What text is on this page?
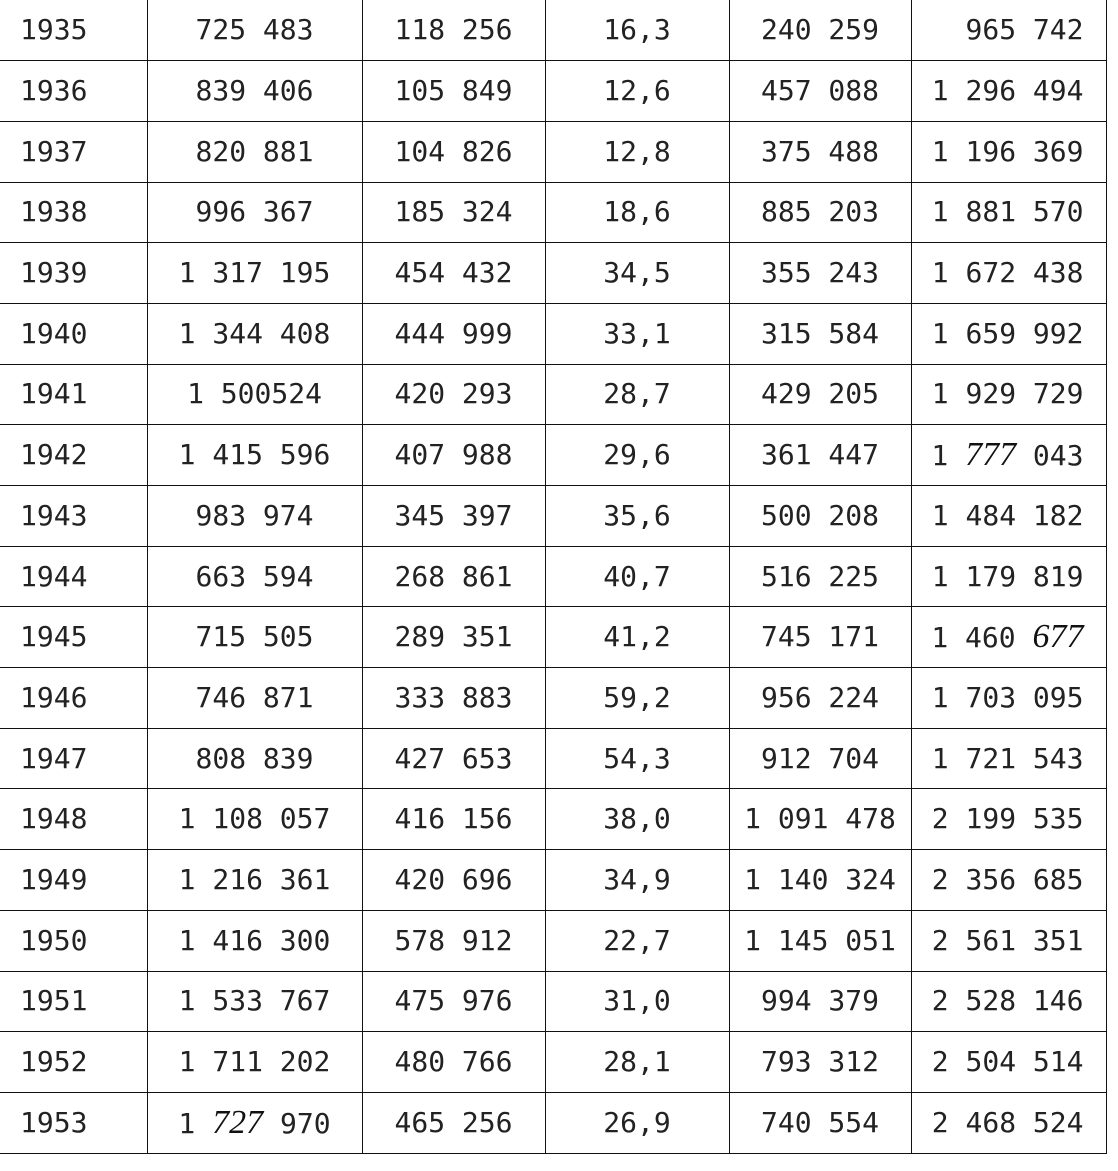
1935	725 483	118 256	16,3	240 259	965 742
1936	839 406	105 849	12,6	457 088	1 296 494
1937	820 881	104 826	12,8	375 488	1 196 369
1938	996 367	185 324	18,6	885 203	1 881 570
1939	1 317 195	454 432	34,5	355 243	1 672 438
1940	1 344 408	444 999	33,1	315 584	1 659 992
1941	1 500524	420 293	28,7	429 205	1 929 729
1942	1 415 596	407 988	29,6	361 447	1 777 043
1943	983 974	345 397	35,6	500 208	1 484 182
1944	663 594	268 861	40,7	516 225	1 179 819
1945	715 505	289 351	41,2	745 171	1 460 677
1946	746 871	333 883	59,2	956 224	1 703 095
1947	808 839	427 653	54,3	912 704	1 721 543
1948	1 108 057	416 156	38,0	1 091 478	2 199 535
1949	1 216 361	420 696	34,9	1 140 324	2 356 685
1950	1 416 300	578 912	22,7	1 145 051	2 561 351
1951	1 533 767	475 976	31,0	994 379	2 528 146
1952	1 711 202	480 766	28,1	793 312	2 504 514
1953	1 727 970	465 256	26,9	740 554	2 468 524
